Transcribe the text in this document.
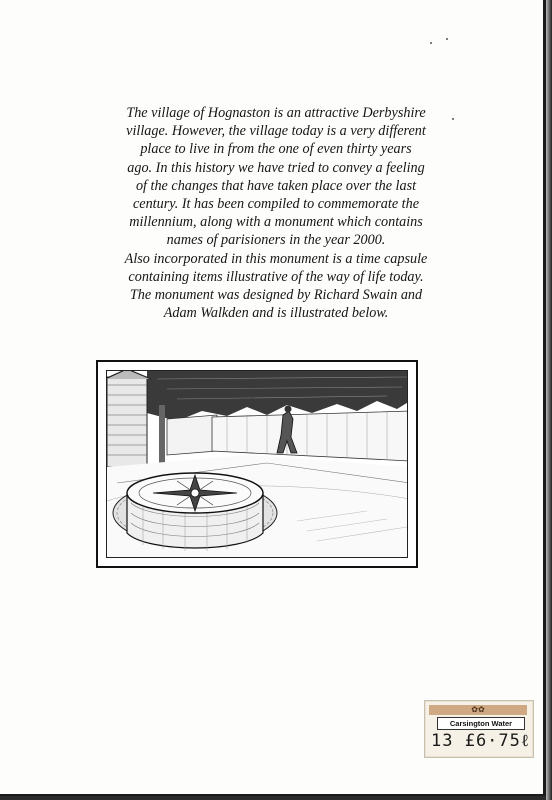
The village of Hognaston is an attractive Derbyshire
village. However, the village today is a very different
place to live in from the one of even thirty years
ago. In this history we have tried to convey a feeling
of the changes that have taken place over the last
century. It has been compiled to commemorate the
millennium, along with a monument which contains
names of parisioners in the year 2000.
Also incorporated in this monument is a time capsule
containing items illustrative of the way of life today.
The monument was designed by Richard Swain and
Adam Walkden and is illustrated below.

✿✿
Carsington Water
13 £6·75ℓ
